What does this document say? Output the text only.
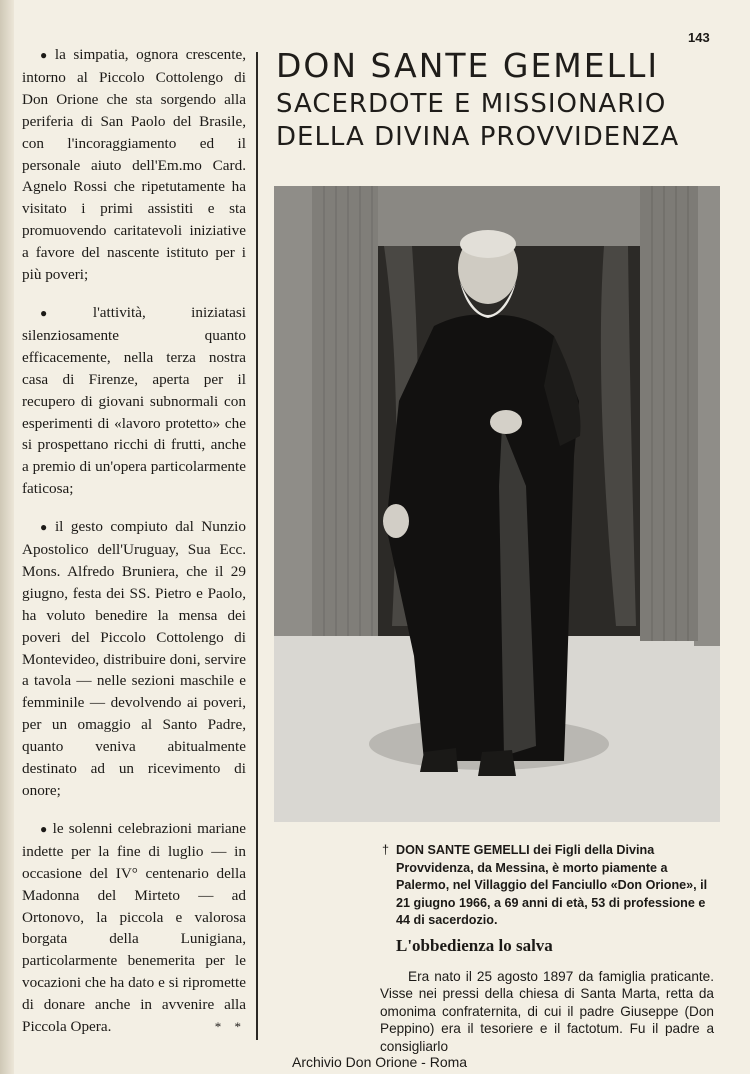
143

● la simpatia, ognora crescente, intorno al Piccolo Cottolengo di Don Orione che sta sorgendo alla periferia di San Paolo del Brasile, con l'incoraggiamento ed il personale aiuto dell'Em.mo Card. Agnelo Rossi che ripetutamente ha visitato i primi assistiti e sta promuovendo caritatevoli iniziative a favore del nascente istituto per i più poveri;

● l'attività, iniziatasi silenziosamente quanto efficacemente, nella terza nostra casa di Firenze, aperta per il recupero di giovani subnormali con esperimenti di «lavoro protetto» che si prospettano ricchi di frutti, anche a premio di un'opera particolarmente faticosa;

● il gesto compiuto dal Nunzio Apostolico dell'Uruguay, Sua Ecc. Mons. Alfredo Bruniera, che il 29 giugno, festa dei SS. Pietro e Paolo, ha voluto benedire la mensa dei poveri del Piccolo Cottolengo di Montevideo, distribuire doni, servire a tavola — nelle sezioni maschile e femminile — devolvendo ai poveri, per un omaggio al Santo Padre, quanto veniva abitualmente destinato ad un ricevimento di onore;

● le solenni celebrazioni mariane indette per la fine di luglio — in occasione del IV° centenario della Madonna del Mirteto — ad Ortonovo, la piccola e valorosa borgata della Lunigiana, particolarmente benemerita per le vocazioni che ha dato e si ripromette di donare anche in avvenire alla Piccola Opera.	* *

DON SANTE GEMELLI
SACERDOTE E MISSIONARIO
DELLA DIVINA PROVVIDENZA
† DON SANTE GEMELLI dei Figli della Divina Provvidenza, da Messina, è morto piamente a Palermo, nel Villaggio del Fanciullo «Don Orione», il 21 giugno 1966, a 69 anni di età, 53 di professione e 44 di sacerdozio.
L'obbedienza lo salva
Era nato il 25 agosto 1897 da famiglia praticante. Visse nei pressi della chiesa di Santa Marta, retta da omonima confraternita, di cui il padre Giuseppe (Don Peppino) era il tesoriere e il factotum. Fu il padre a consigliarlo
Archivio Don Orione - Roma
